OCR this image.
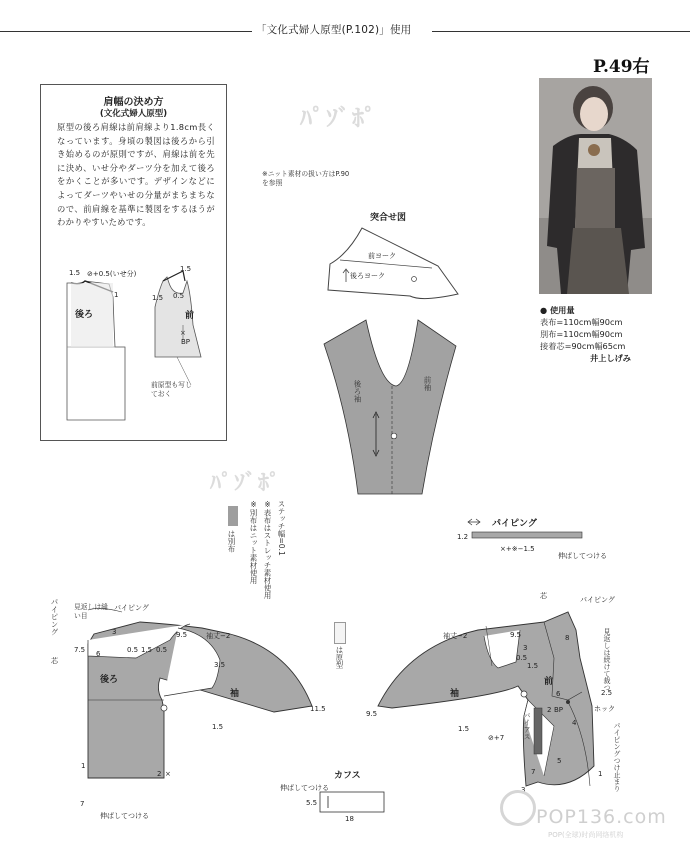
「文化式婦人原型(P.102)」使用
P.49右
肩幅の決め方
(文化式婦人原型)
原型の後ろ肩線は前肩線より1.8cm長くなっています。身頃の製図は後ろから引き始めるのが原則ですが、肩線は前を先に決め、いせ分やダーツ分を加えて後ろをかくことが多いです。デザインなどによってダーツやいせの分量がまちまちなので、前肩線を基準に製図をするほうがわかりやすいためです。
×
1.5 ⊘+0.5(いせ分)
1
後ろ
1.5
1.5 0.5
前
BP
前原型も写しておく
ﾊﾟｿﾞﾎﾟ
ﾊﾟｿﾞﾎﾟ
※ニット素材の扱い方はP.90を参照
突合せ図
前ヨーク
後ろヨーク
後ろ袖	前袖
● 使用量
表布=110cm幅90cm
別布=110cm幅90cm
接着芯=90cm幅65cm
井上しげみ
は別布	ステッチ幅=0.1
※表布はストレッチ素材使用
※別布はニット素材使用
は原型
パイピング
1.2
×+※−1.5
伸ばしてつける
パイピング
芯
見返しは縫い目
パイピング
7.5 6
3
0.5 1.5 0.5
後ろ
袖丈−2
9.5
3.5
袖
11.5
1.5
1
2
7
伸ばしてつける
×	カフス
伸ばしてつける
5.5
18
袖丈−2	9.5
3
0.5
1.5
袖
9.5
1.5
前
芯	パイピング
見返しは続けて裁つ
ホック
パイピングつけ止まり
バイアス
BP
2.5
8
6
5
4
3
2
7	1
⊘+7
POP136.com
POP(全球)时尚网络机构
